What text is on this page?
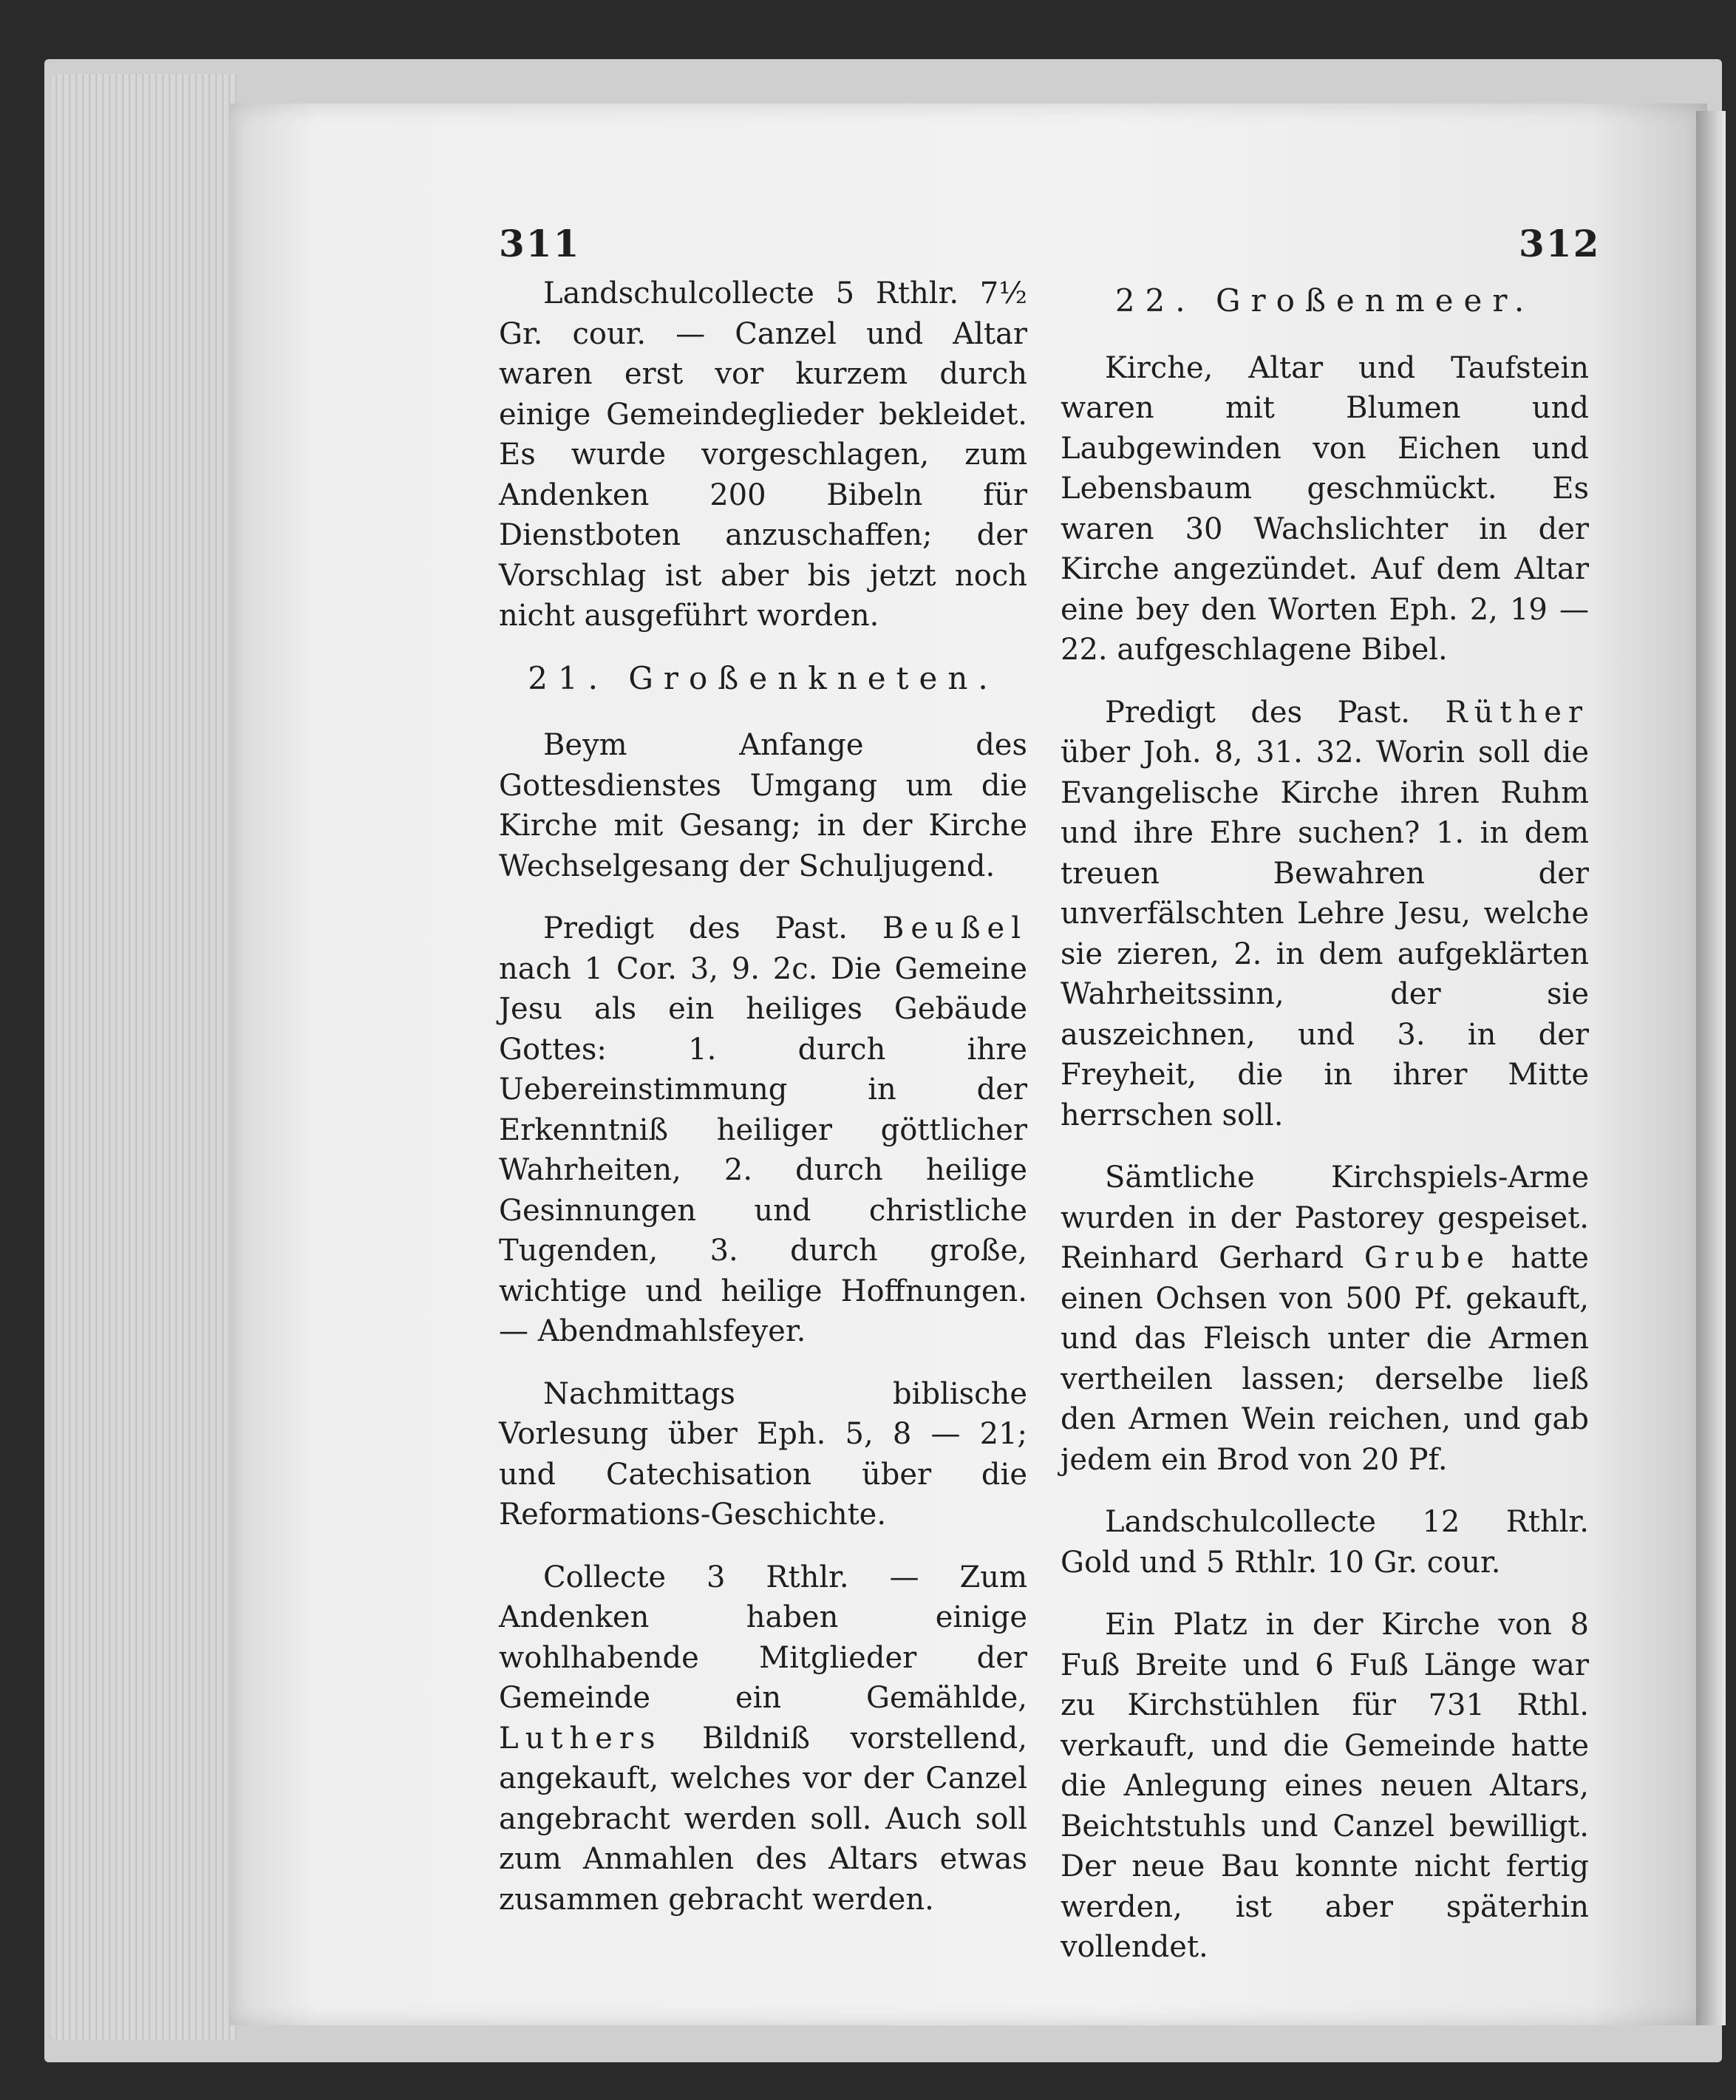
311	312

Landschulcollecte 5 Rthlr. 7½ Gr. cour. — Canzel und Altar waren erst vor kurzem durch einige Gemeindeglieder bekleidet. Es wurde vorgeschlagen, zum Andenken 200 Bibeln für Dienstboten anzuschaffen; der Vorschlag ist aber bis jetzt noch nicht ausgeführt worden.

21. Großenkneten.

Beym Anfange des Gottesdienstes Umgang um die Kirche mit Gesang; in der Kirche Wechselgesang der Schuljugend.

Predigt des Past. Beußel nach 1 Cor. 3, 9. 2c. Die Gemeine Jesu als ein heiliges Gebäude Gottes: 1. durch ihre Uebereinstimmung in der Erkenntniß heiliger göttlicher Wahrheiten, 2. durch heilige Gesinnungen und christliche Tugenden, 3. durch große, wichtige und heilige Hoffnungen. — Abendmahlsfeyer.

Nachmittags biblische Vorlesung über Eph. 5, 8 — 21; und Catechisation über die Reformations-Geschichte.

Collecte 3 Rthlr. — Zum Andenken haben einige wohlhabende Mitglieder der Gemeinde ein Gemählde, Luthers Bildniß vorstellend, angekauft, welches vor der Canzel angebracht werden soll. Auch soll zum Anmahlen des Altars etwas zusammen gebracht werden.

22. Großenmeer.

Kirche, Altar und Taufstein waren mit Blumen und Laubgewinden von Eichen und Lebensbaum geschmückt. Es waren 30 Wachslichter in der Kirche angezündet. Auf dem Altar eine bey den Worten Eph. 2, 19 — 22. aufgeschlagene Bibel.

Predigt des Past. Rüther über Joh. 8, 31. 32. Worin soll die Evangelische Kirche ihren Ruhm und ihre Ehre suchen? 1. in dem treuen Bewahren der unverfälschten Lehre Jesu, welche sie zieren, 2. in dem aufgeklärten Wahrheitssinn, der sie auszeichnen, und 3. in der Freyheit, die in ihrer Mitte herrschen soll.

Sämtliche Kirchspiels-Arme wurden in der Pastorey gespeiset. Reinhard Gerhard Grube hatte einen Ochsen von 500 Pf. gekauft, und das Fleisch unter die Armen vertheilen lassen; derselbe ließ den Armen Wein reichen, und gab jedem ein Brod von 20 Pf.

Landschulcollecte 12 Rthlr. Gold und 5 Rthlr. 10 Gr. cour.

Ein Platz in der Kirche von 8 Fuß Breite und 6 Fuß Länge war zu Kirchstühlen für 731 Rthl. verkauft, und die Gemeinde hatte die Anlegung eines neuen Altars, Beichtstuhls und Canzel bewilligt. Der neue Bau konnte nicht fertig werden, ist aber späterhin vollendet.
